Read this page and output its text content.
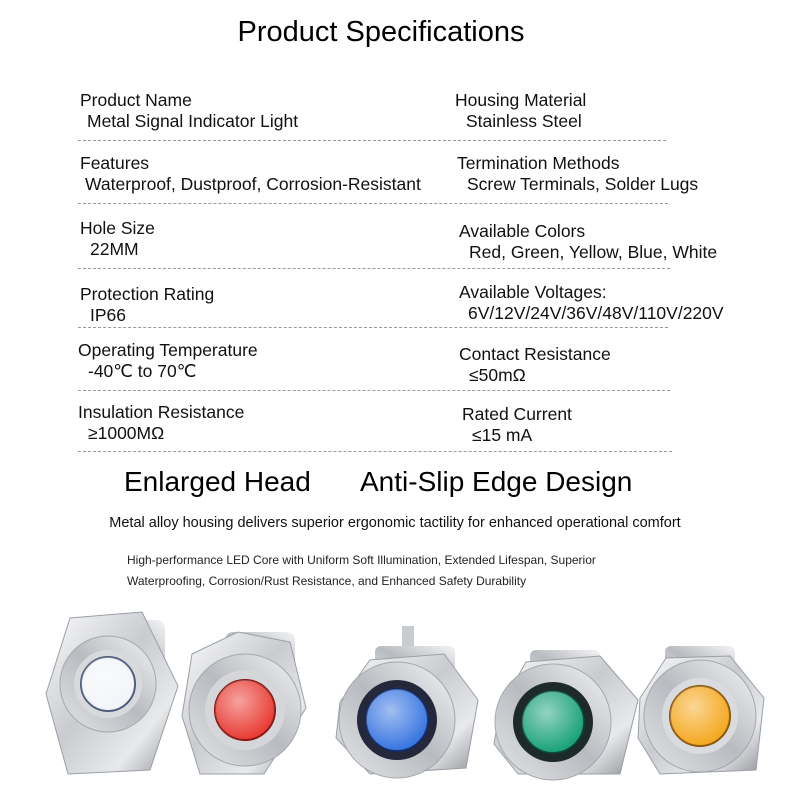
Product Specifications
Product Name
Metal Signal Indicator Light
Housing Material
Stainless Steel
Features
Waterproof, Dustproof, Corrosion-Resistant
Termination Methods
Screw Terminals, Solder Lugs
Hole Size
22MM
Available Colors
Red, Green, Yellow, Blue, White
Protection Rating
IP66
Available Voltages:
6V/12V/24V/36V/48V/110V/220V
Operating Temperature
-40℃ to 70℃
Contact Resistance
≤50mΩ
Insulation Resistance
≥1000MΩ
Rated Current
≤15 mA
Enlarged Head Anti-Slip Edge Design
Metal alloy housing delivers superior ergonomic tactility for enhanced operational comfort
High-performance LED Core with Uniform Soft Illumination, Extended Lifespan, Superior
Waterproofing, Corrosion/Rust Resistance, and Enhanced Safety Durability
